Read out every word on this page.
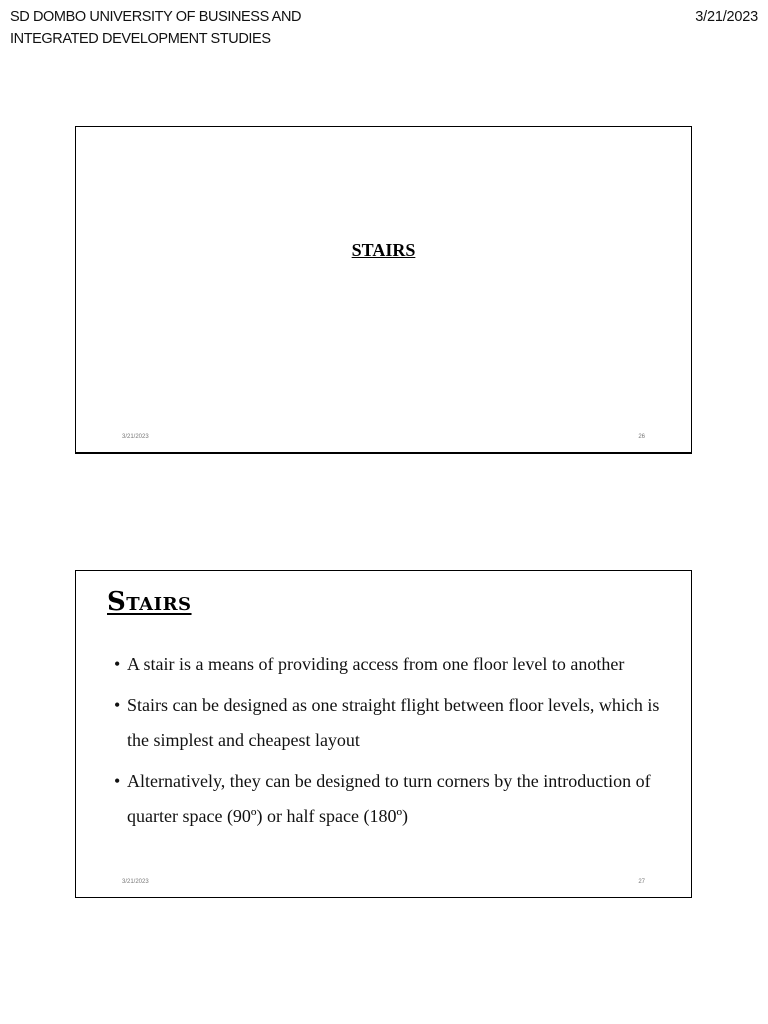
SD DOMBO UNIVERSITY OF BUSINESS AND
INTEGRATED DEVELOPMENT STUDIES
3/21/2023
STAIRS
3/21/2023	26
Stairs
• A stair is a means of providing access from one floor level to another
• Stairs can be designed as one straight flight between floor levels, which is the simplest and cheapest layout
• Alternatively, they can be designed to turn corners by the introduction of quarter space (90º) or half space (180º)
3/21/2023	27
